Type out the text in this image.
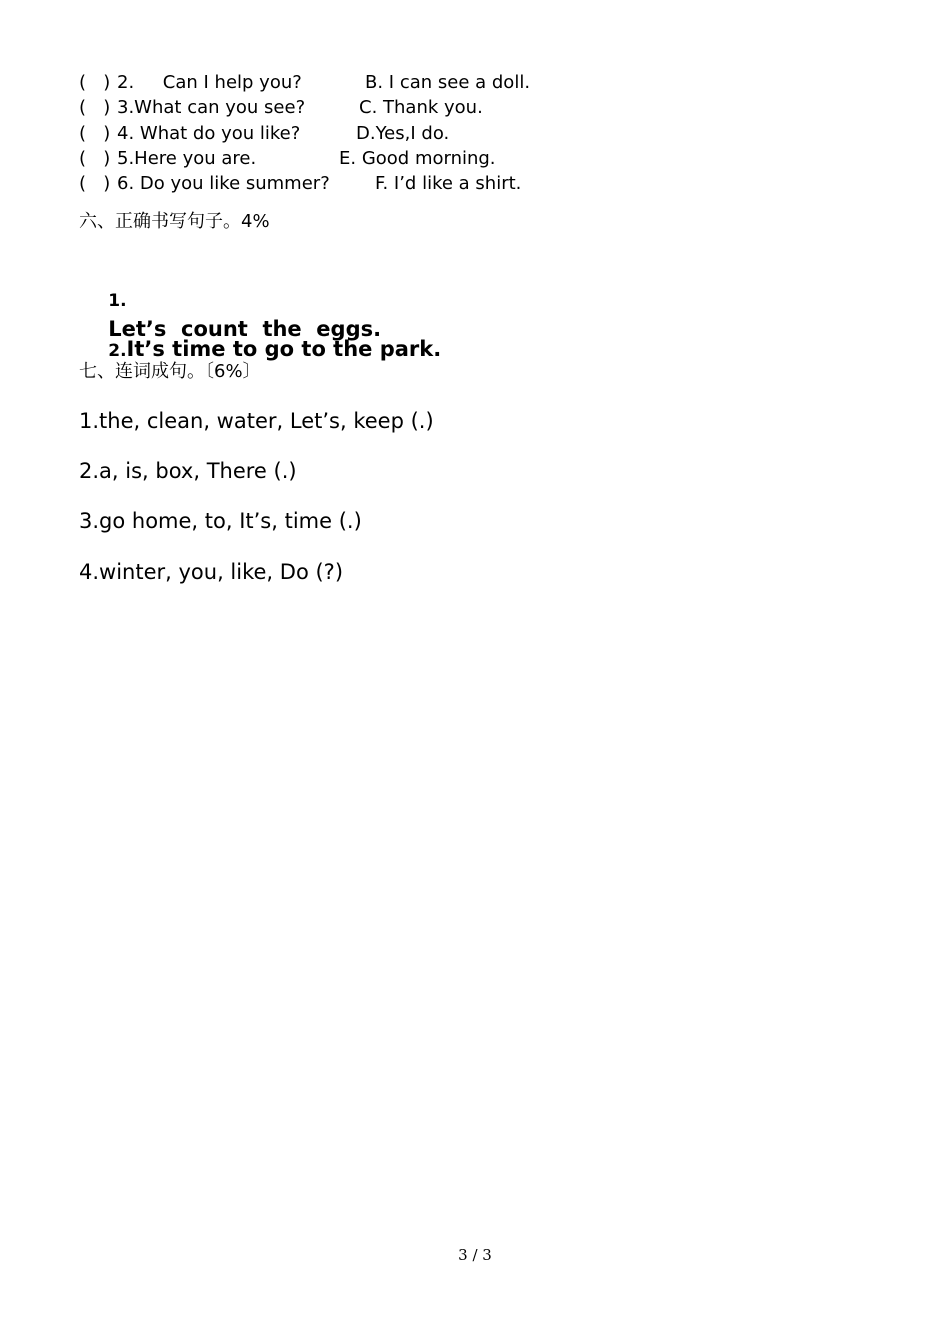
(   )

2.     Can I help you?

	B. I can see a doll.

(   )

3.What can you see?

	C. Thank you.

(   )

4. What do you like?

	D.Yes,I do.

(   )

5.Here you are.

	E. Good morning.

(   )

6. Do you like summer?

	F. I’d like a shirt.

六、正确书写句子。4%

1.
Let’s  count  the  eggs.

2.It’s time to go to the park.

七、连词成句。〔6%〕
1.the, clean, water, Let’s, keep (.)
2.a, is, box, There (.)
3.go home, to, It’s, time (.)
4.winter, you, like, Do (?)
3 / 3
